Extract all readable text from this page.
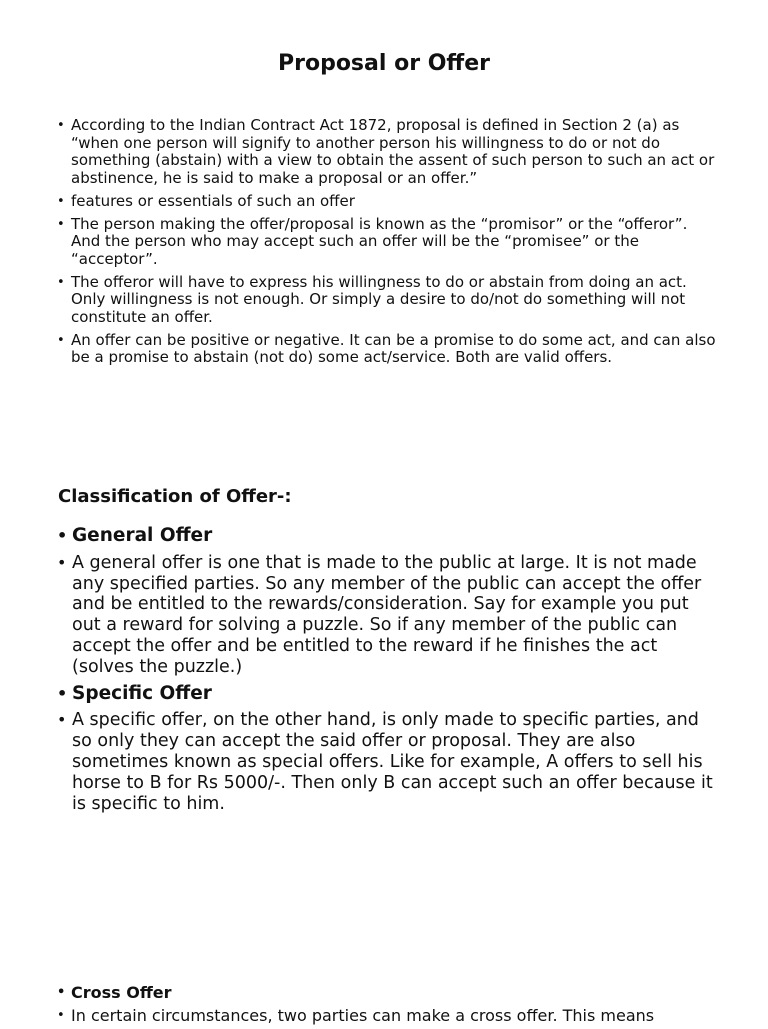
Proposal or Offer
• According to the Indian Contract Act 1872, proposal is defined in Section 2 (a) as “when one person will signify to another person his willingness to do or not do something (abstain) with a view to obtain the assent of such person to such an act or abstinence, he is said to make a proposal or an offer.”
• features or essentials of such an offer
• The person making the offer/proposal is known as the “promisor” or the “offeror”. And the person who may accept such an offer will be the “promisee” or the “acceptor”.
• The offeror will have to express his willingness to do or abstain from doing an act. Only willingness is not enough. Or simply a desire to do/not do something will not constitute an offer.
• An offer can be positive or negative. It can be a promise to do some act, and can also be a promise to abstain (not do) some act/service. Both are valid offers.
Classification of Offer-:
• General Offer
• A general offer is one that is made to the public at large. It is not made any specified parties. So any member of the public can accept the offer and be entitled to the rewards/consideration. Say for example you put out a reward for solving a puzzle. So if any member of the public can accept the offer and be entitled to the reward if he finishes the act (solves the puzzle.)
• Specific Offer
• A specific offer, on the other hand, is only made to specific parties, and so only they can accept the said offer or proposal. They are also sometimes known as special offers. Like for example, A offers to sell his horse to B for Rs 5000/-. Then only B can accept such an offer because it is specific to him.
• Cross Offer
• In certain circumstances, two parties can make a cross offer. This means
